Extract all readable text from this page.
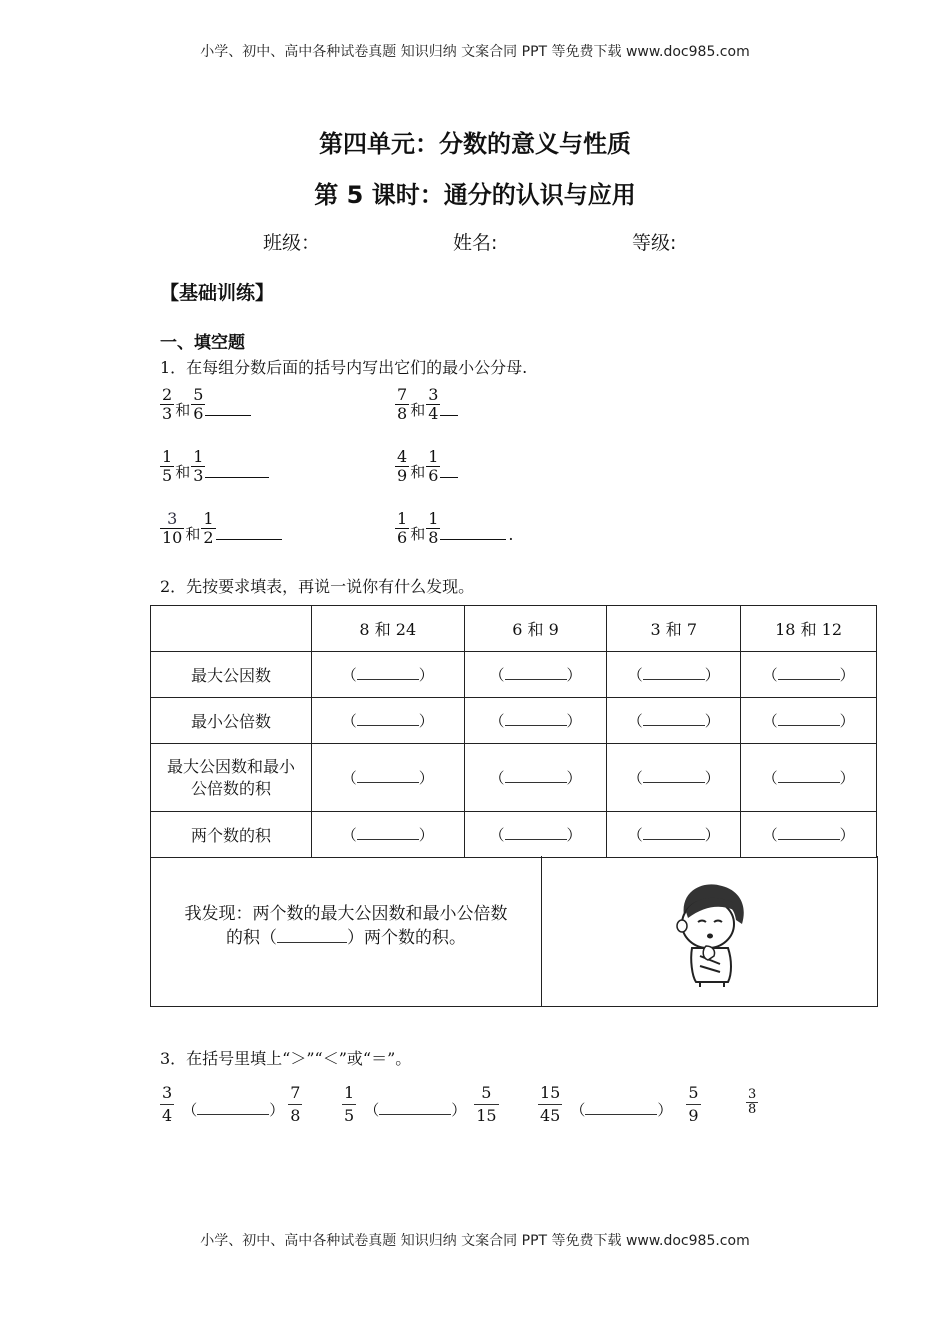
小学、初中、高中各种试卷真题 知识归纳 文案合同 PPT 等免费下载 www.doc985.com
小学、初中、高中各种试卷真题 知识归纳 文案合同 PPT 等免费下载 www.doc985.com
第四单元：分数的意义与性质
第 5 课时：通分的认识与应用
班级：	姓名:	等级:
【基础训练】
一、填空题
1．在每组分数后面的括号内写出它们的最小公分母.
$\frac{2}{3}$ 和 $\frac{5}{6}$	$\frac{7}{8}$ 和 $\frac{3}{4}$
$\frac{1}{5}$ 和 $\frac{1}{3}$	$\frac{4}{9}$ 和 $\frac{1}{6}$
$\frac{3}{10}$ 和 $\frac{1}{2}$	$\frac{1}{6}$ 和 $\frac{1}{8}$	.
2．先按要求填表，再说一说你有什么发现。
	8 和 24	6 和 9	3 和 7	18 和 12
最大公因数	（ ）	（ ）	（ ）	（ ）
最小公倍数	（ ）	（ ）	（ ）	（ ）

最大公因数和最小公倍数的积	（ ）	（ ）	（ ）	（ ）
两个数的积	（ ）	（ ）	（ ）	（ ）
我发现：两个数的最大公因数和最小公倍数
的积（	）两个数的积。
3．在括号里填上“＞”“＜”或“＝”。
$\frac{3}{4}$ （	） $\frac{7}{8} \frac{1}{5}$ （	） $\frac{5}{15} \frac{15}{45}$ （	） $\frac{5}{9}$	$\frac{3}{8}$
